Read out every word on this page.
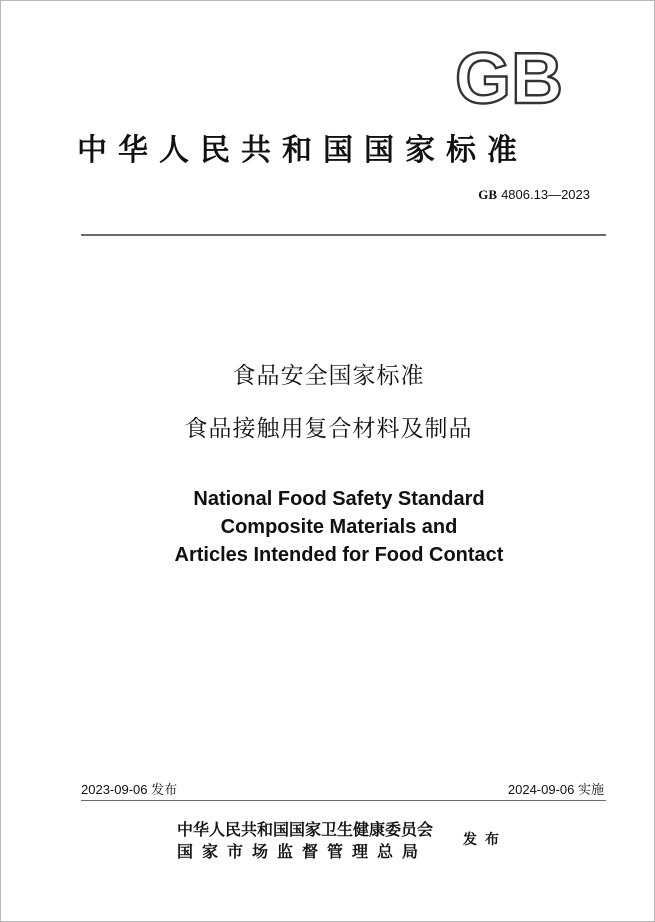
GB
中华人民共和国国家标准
GB 4806.13—2023
食品安全国家标准
食品接触用复合材料及制品
National Food Safety Standard
Composite Materials and
Articles Intended for Food Contact
2023-09-06 发布	2024-09-06 实施
中华人民共和国国家卫生健康委员会
国家市场监督管理总局
发布
